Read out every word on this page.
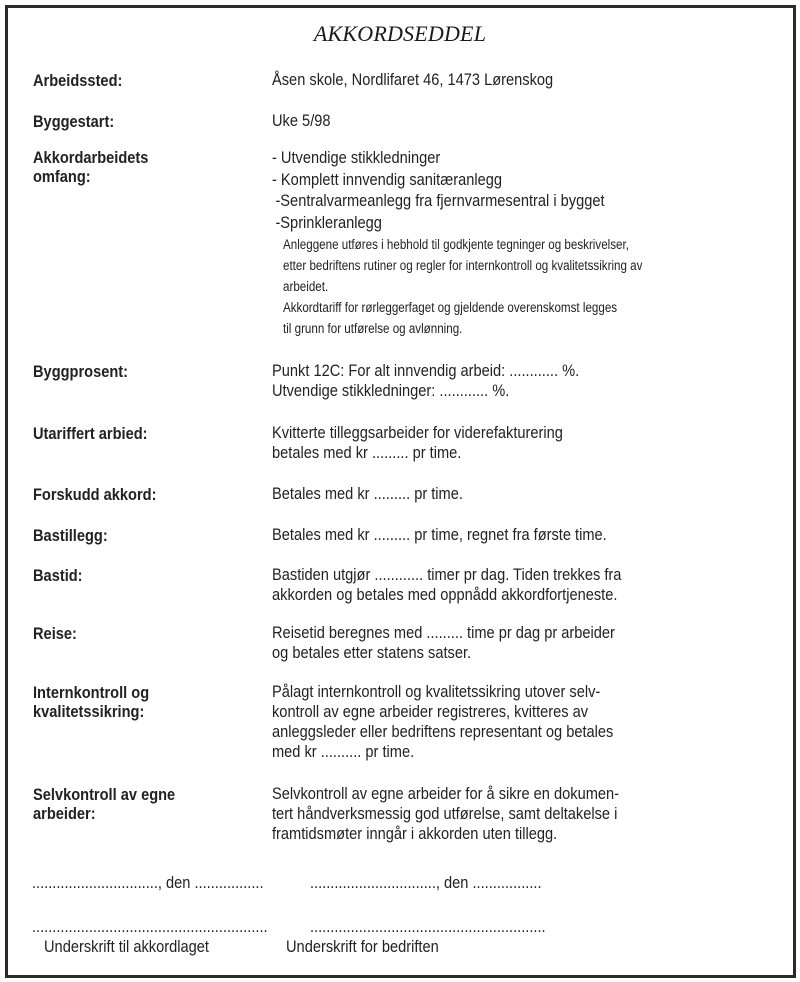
AKKORDSEDDEL
Arbeidssted:	Åsen skole, Nordlifaret 46, 1473 Lørenskog
Byggestart:	Uke 5/98
Akkordarbeidets
omfang:
- Utvendige stikkledninger
- Komplett innvendig sanitæranlegg
-Sentralvarmeanlegg fra fjernvarmesentral i bygget
-Sprinkleranlegg
Anleggene utføres i hebhold til godkjente tegninger og beskrivelser,
etter bedriftens rutiner og regler for internkontroll og kvalitetssikring av
arbeidet.
Akkordtariff for rørleggerfaget og gjeldende overenskomst legges
til grunn for utførelse og avlønning.
Byggprosent:	Punkt 12C: For alt innvendig arbeid: ............ %.
Utvendige stikkledninger: ............ %.
Utariffert arbied:	Kvitterte tilleggsarbeider for viderefakturering
betales med kr ......... pr time.
Forskudd akkord:	Betales med kr ......... pr time.
Bastillegg:	Betales med kr ......... pr time, regnet fra første time.
Bastid:	Bastiden utgjør ............ timer pr dag. Tiden trekkes fra
akkorden og betales med oppnådd akkordfortjeneste.
Reise:	Reisetid beregnes med ......... time pr dag pr arbeider
og betales etter statens satser.
Internkontroll og
kvalitetssikring:
Pålagt internkontroll og kvalitetssikring utover selv-
kontroll av egne arbeider registreres, kvitteres av
anleggsleder eller bedriftens representant og betales
med kr .......... pr time.
Selvkontroll av egne
arbeider:
Selvkontroll av egne arbeider for å sikre en dokumen-
tert håndverksmessig god utførelse, samt deltakelse i
framtidsmøter inngår i akkorden uten tillegg.
..............................., den .................	..............................., den .................
.......................................................... ..........................................................
Underskrift til akkordlaget	Underskrift for bedriften
